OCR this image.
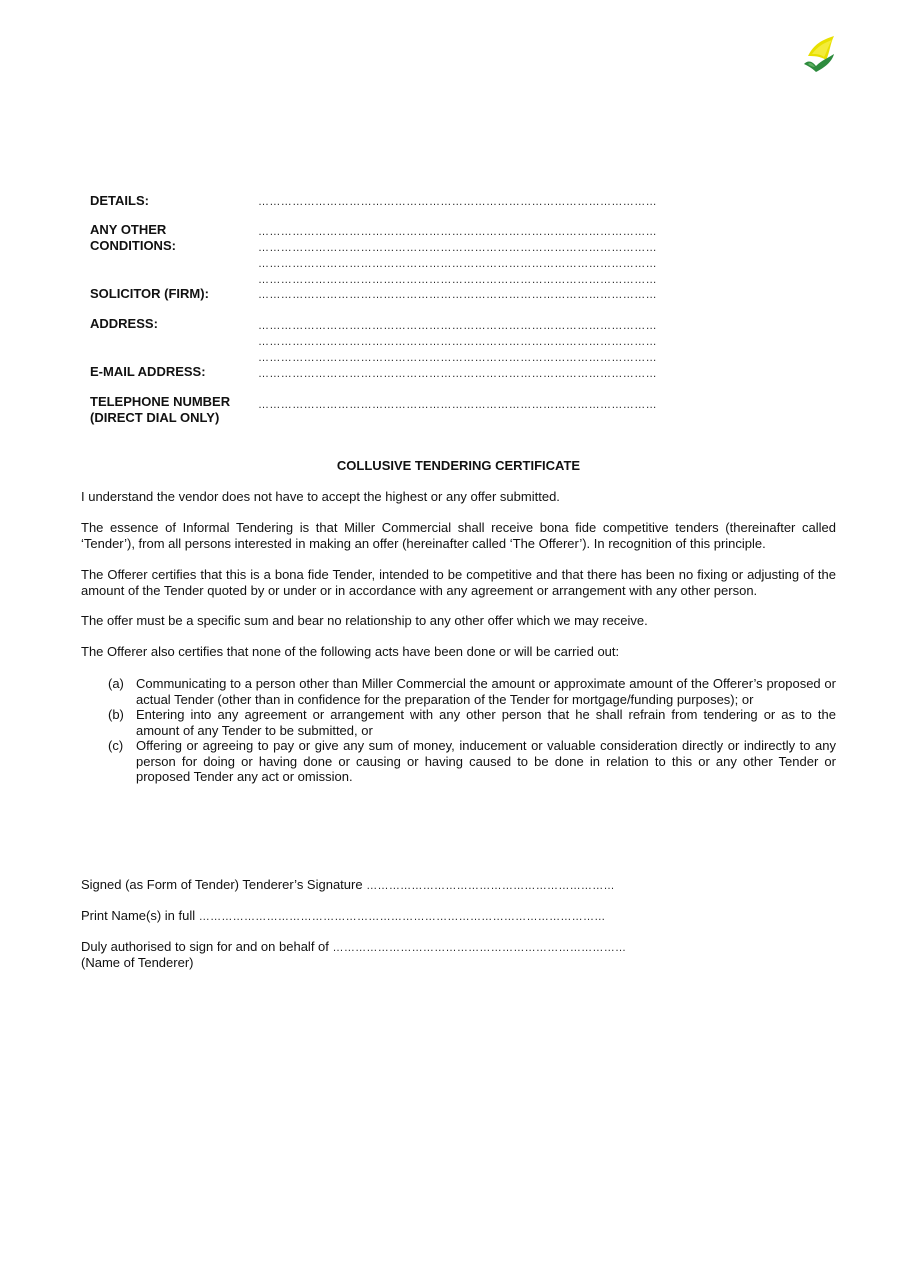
DETAILS:	……………………………………………………………………………………………
ANY OTHER
CONDITIONS:
……………………………………………………………………………………………
……………………………………………………………………………………………
……………………………………………………………………………………………
……………………………………………………………………………………………
SOLICITOR (FIRM):	……………………………………………………………………………………………
ADDRESS:	……………………………………………………………………………………………
……………………………………………………………………………………………
……………………………………………………………………………………………
E-MAIL ADDRESS:	……………………………………………………………………………………………
TELEPHONE NUMBER
(DIRECT DIAL ONLY)
……………………………………………………………………………………………
COLLUSIVE TENDERING CERTIFICATE

I understand the vendor does not have to accept the highest or any offer submitted.

The essence of Informal Tendering is that Miller Commercial shall receive bona fide competitive tenders (thereinafter called ‘Tender’), from all persons interested in making an offer (hereinafter called ‘The Offerer’). In recognition of this principle.

The Offerer certifies that this is a bona fide Tender, intended to be competitive and that there has been no fixing or adjusting of the amount of the Tender quoted by or under or in accordance with any agreement or arrangement with any other person.

The offer must be a specific sum and bear no relationship to any other offer which we may receive.

The Offerer also certifies that none of the following acts have been done or will be carried out:

(a) Communicating to a person other than Miller Commercial the amount or approximate amount of the Offerer’s proposed or actual Tender (other than in confidence for the preparation of the Tender for mortgage/funding purposes); or
(b) Entering into any agreement or arrangement with any other person that he shall refrain from tendering or as to the amount of any Tender to be submitted, or
(c) Offering or agreeing to pay or give any sum of money, inducement or valuable consideration directly or indirectly to any person for doing or having done or causing or having caused to be done in relation to this or any other Tender or proposed Tender any act or omission.
Signed (as Form of Tender) Tenderer’s Signature …………………………………………………………
Print Name(s) in full ………………………………………………………………………………………………
Duly authorised to sign for and on behalf of ……………………………………………………………………
(Name of Tenderer)
